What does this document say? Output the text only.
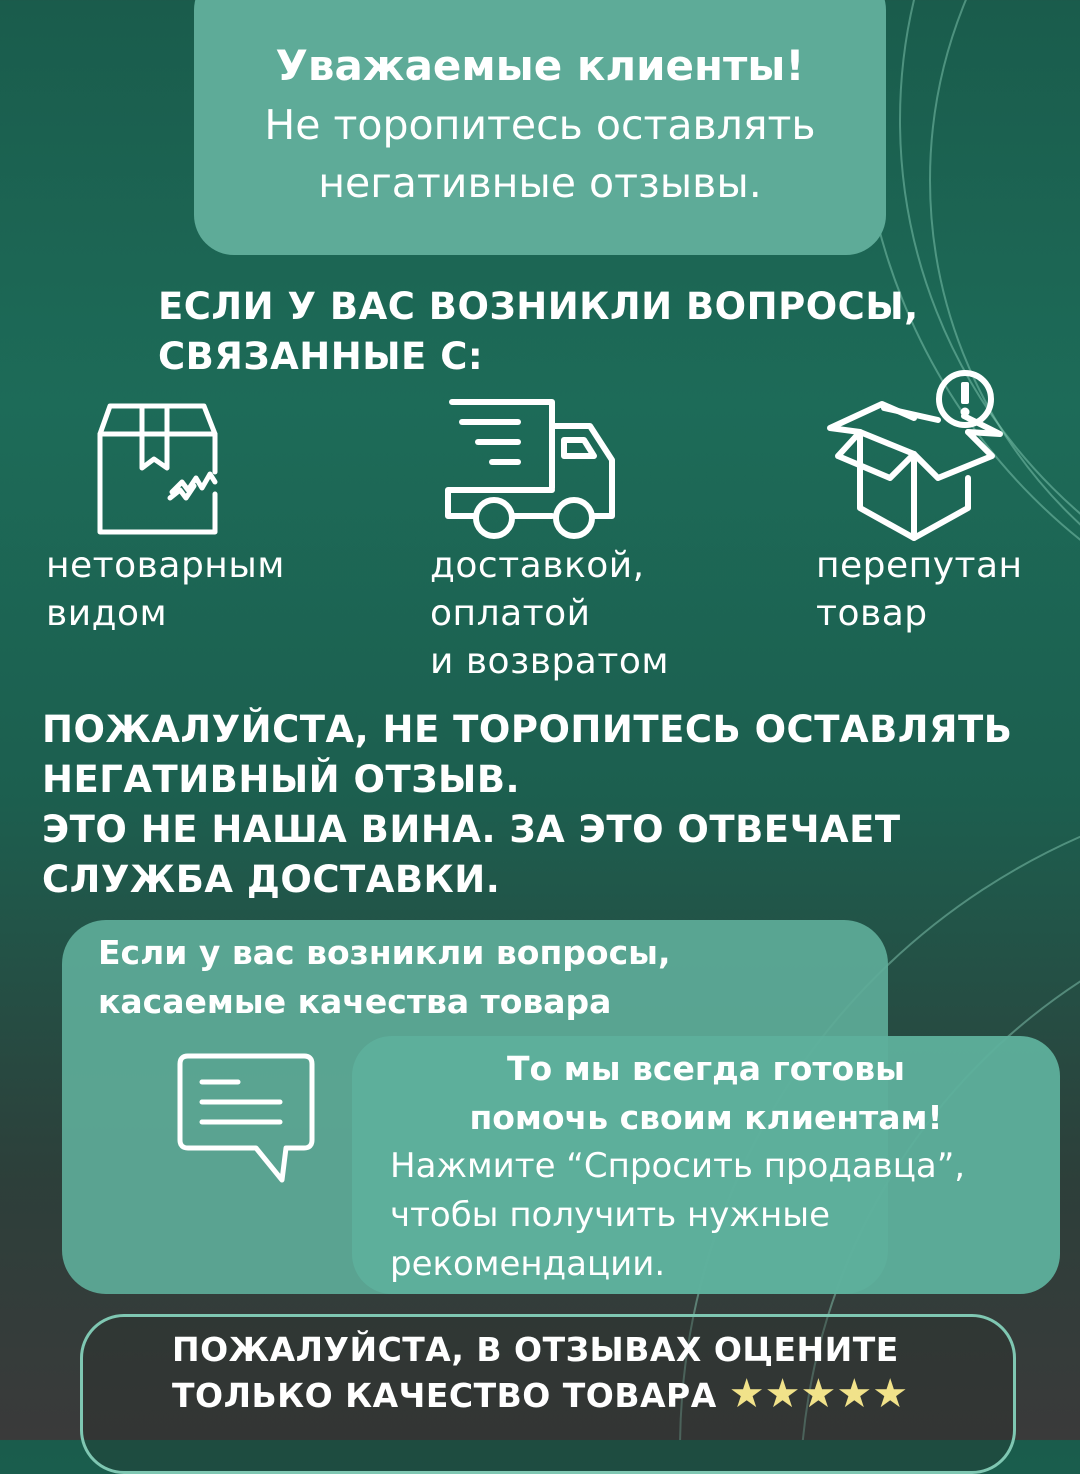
Уважаемые клиенты!
Не торопитесь оставлять
негативные отзывы.
ЕСЛИ У ВАС ВОЗНИКЛИ ВОПРОСЫ,
СВЯЗАННЫЕ С:
нетоварным
видом
доставкой,
оплатой
и возвратом
перепутан
товар
ПОЖАЛУЙСТА, НЕ ТОРОПИТЕСЬ ОСТАВЛЯТЬ
НЕГАТИВНЫЙ ОТЗЫВ.
ЭТО НЕ НАША ВИНА. ЗА ЭТО ОТВЕЧАЕТ
СЛУЖБА ДОСТАВКИ.
Если у вас возникли вопросы,
касаемые качества товара
То мы всегда готовы
помочь своим клиентам!
Нажмите “Спросить продавца”,
чтобы получить нужные
рекомендации.
ПОЖАЛУЙСТА, В ОТЗЫВАХ ОЦЕНИТЕ
ТОЛЬКО КАЧЕСТВО ТОВАРА ★★★★★
